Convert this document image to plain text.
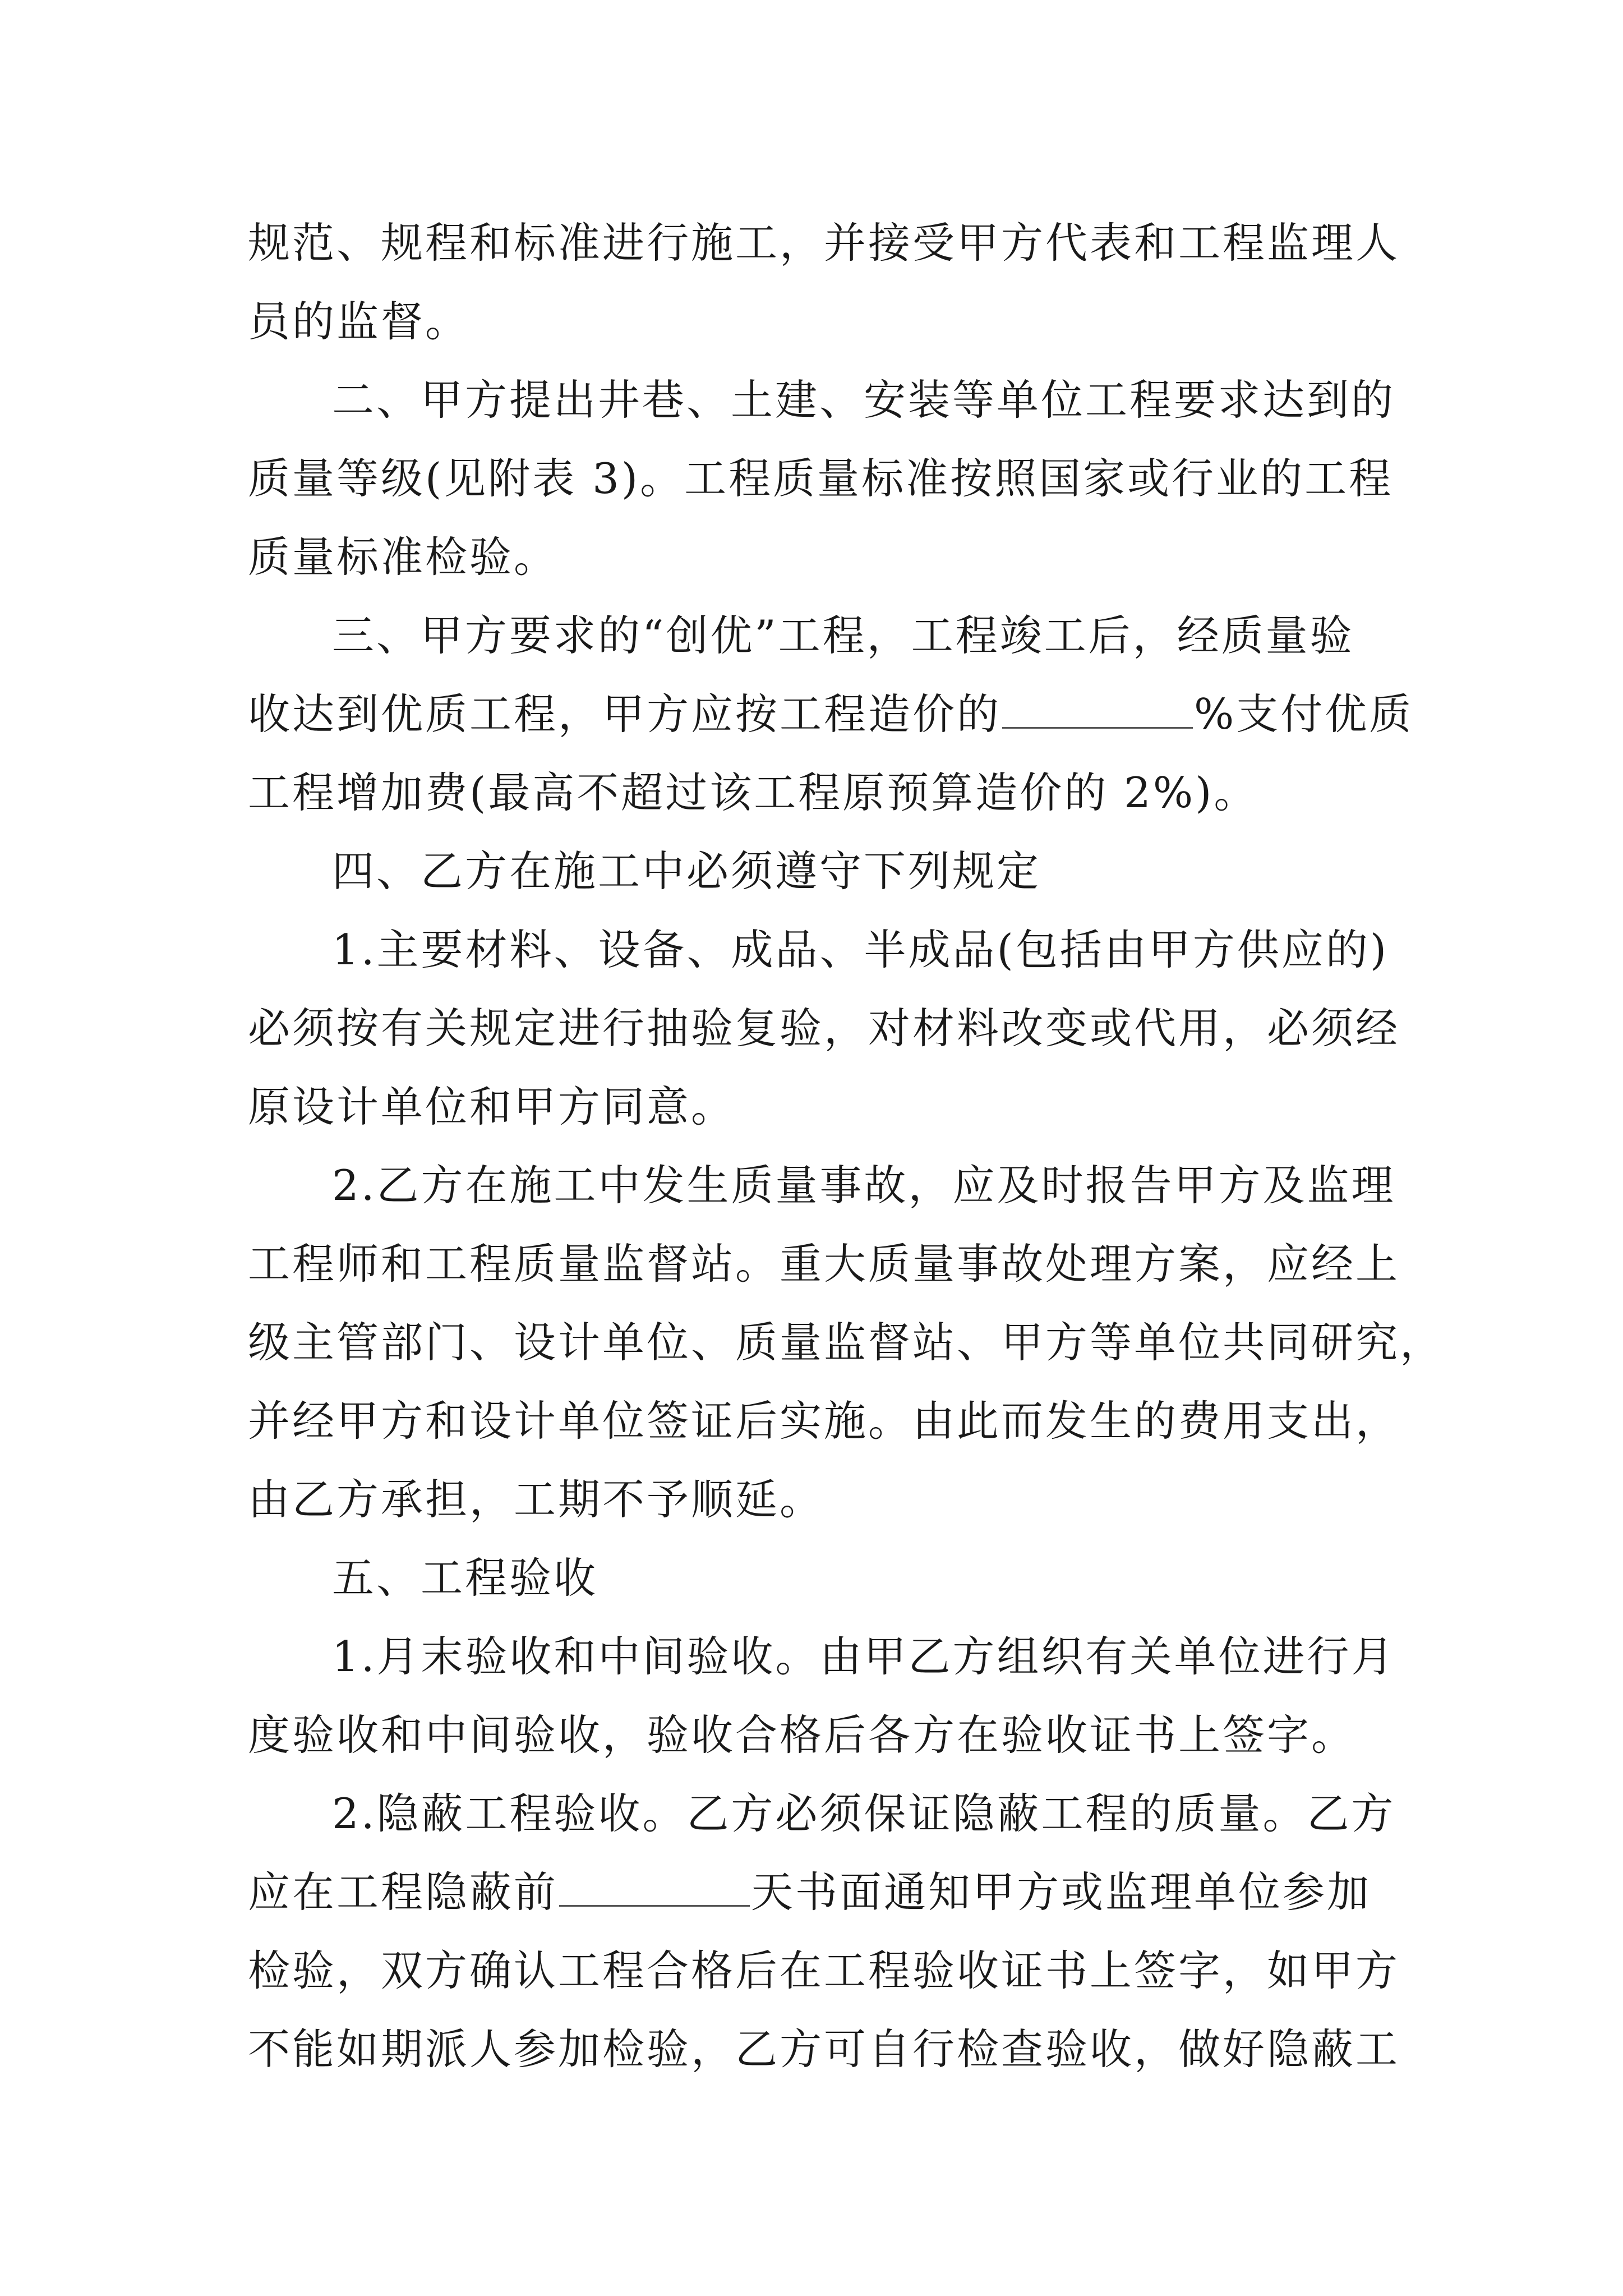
规范、规程和标准进行施工，并接受甲方代表和工程监理人
员的监督。
二、甲方提出井巷、土建、安装等单位工程要求达到的
质量等级(见附表 3)。工程质量标准按照国家或行业的工程
质量标准检验。
三、甲方要求的“创优”工程，工程竣工后，经质量验
收达到优质工程，甲方应按工程造价的	%支付优质
工程增加费(最高不超过该工程原预算造价的 2%)。
四、乙方在施工中必须遵守下列规定
1.主要材料、设备、成品、半成品(包括由甲方供应的)
必须按有关规定进行抽验复验，对材料改变或代用，必须经
原设计单位和甲方同意。
2.乙方在施工中发生质量事故，应及时报告甲方及监理
工程师和工程质量监督站。重大质量事故处理方案，应经上
级主管部门、设计单位、质量监督站、甲方等单位共同研究，
并经甲方和设计单位签证后实施。由此而发生的费用支出，
由乙方承担，工期不予顺延。
五、工程验收
1.月末验收和中间验收。由甲乙方组织有关单位进行月
度验收和中间验收，验收合格后各方在验收证书上签字。
2.隐蔽工程验收。乙方必须保证隐蔽工程的质量。乙方
应在工程隐蔽前	天书面通知甲方或监理单位参加
检验，双方确认工程合格后在工程验收证书上签字，如甲方
不能如期派人参加检验，乙方可自行检查验收，做好隐蔽工
